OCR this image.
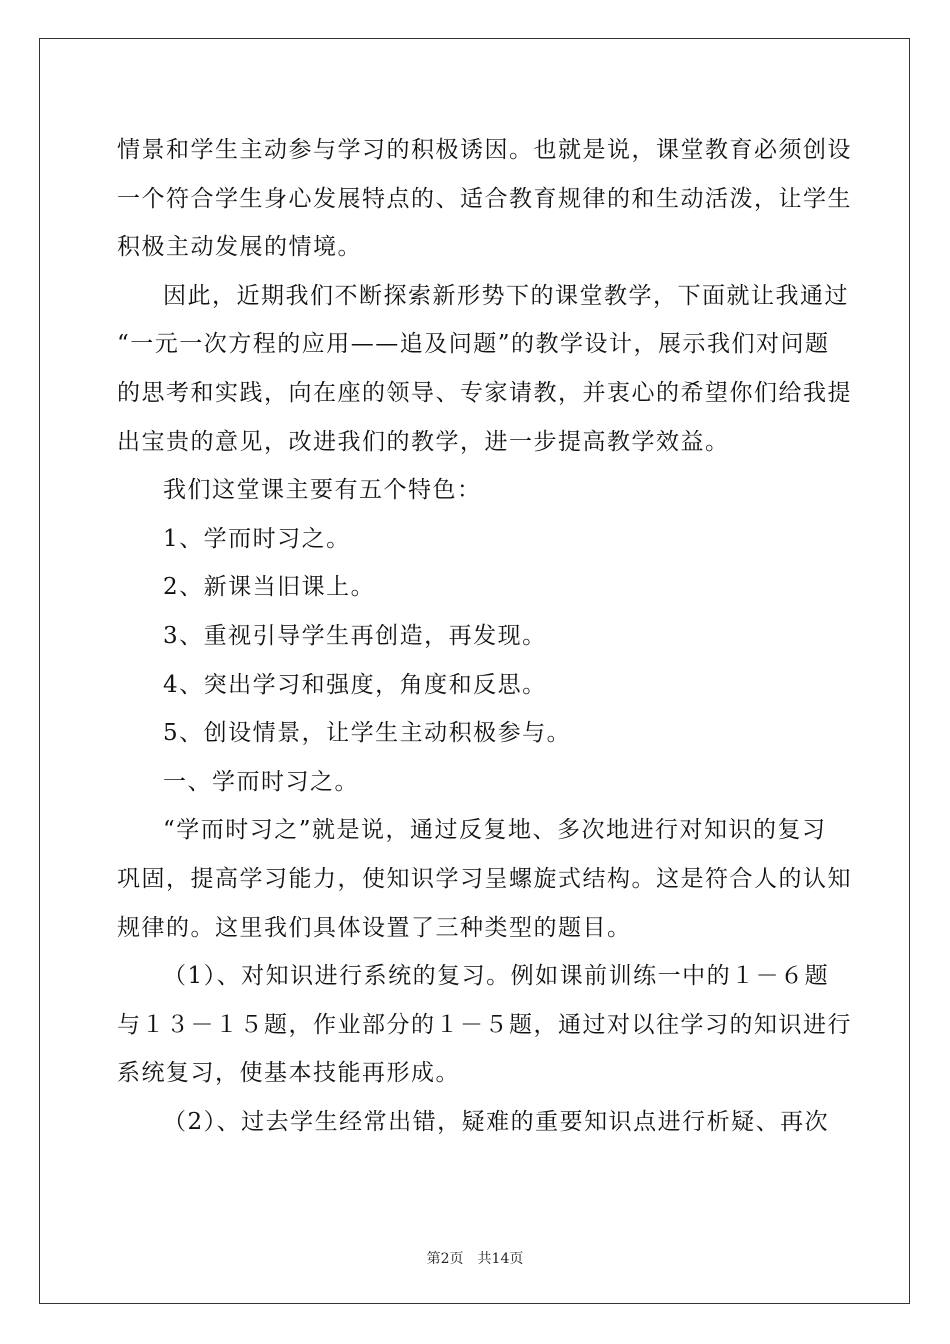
情景和学生主动参与学习的积极诱因。也就是说，课堂教育必须创设
一个符合学生身心发展特点的、适合教育规律的和生动活泼，让学生
积极主动发展的情境。
因此，近期我们不断探索新形势下的课堂教学，下面就让我通过
“一元一次方程的应用——追及问题”的教学设计，展示我们对问题
的思考和实践，向在座的领导、专家请教，并衷心的希望你们给我提
出宝贵的意见，改进我们的教学，进一步提高教学效益。
我们这堂课主要有五个特色：
1、学而时习之。
2、新课当旧课上。
3、重视引导学生再创造，再发现。
4、突出学习和强度，角度和反思。
5、创设情景，让学生主动积极参与。
一、学而时习之。
“学而时习之”就是说，通过反复地、多次地进行对知识的复习
巩固，提高学习能力，使知识学习呈螺旋式结构。这是符合人的认知
规律的。这里我们具体设置了三种类型的题目。
（1）、对知识进行系统的复习。例如课前训练一中的１－６题
与１３－１５题，作业部分的１－５题，通过对以往学习的知识进行
系统复习，使基本技能再形成。
（2）、过去学生经常出错，疑难的重要知识点进行析疑、再次
第2页 共14页
